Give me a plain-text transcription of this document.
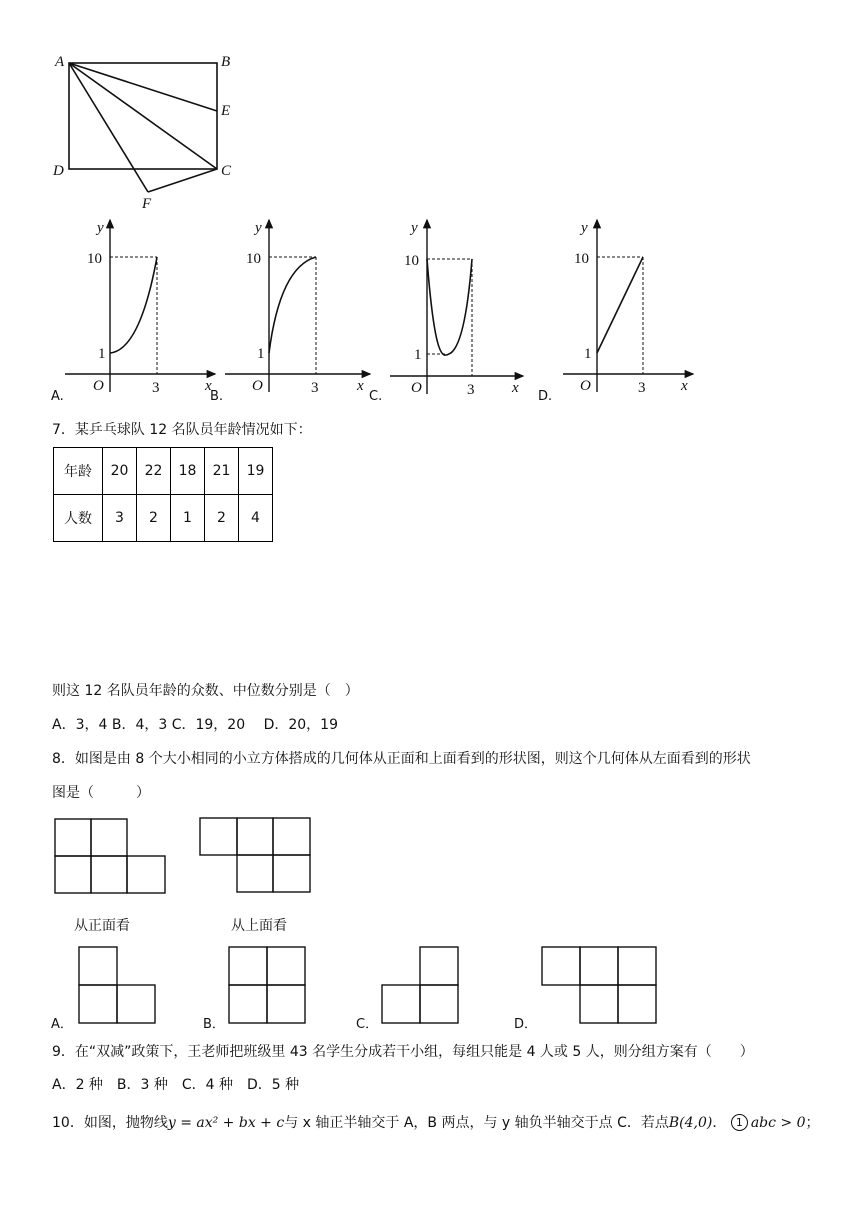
A	B
E
C
D
F
y
x
O
10
1
3
A.
y
x
O
10
1
3
B.
y
x
O
10
1
3
C.
y
x
O
10
1
3
D.
7．某乒乓球队 12 名队员年龄情况如下：
年龄	20	22	18	21	19
人数	3	2	1	2	4
则这 12 名队员年龄的众数、中位数分别是（　）
A．3，4 B．4，3 C．19，20　 D．20，19
8．如图是由 8 个大小相同的小立方体搭成的几何体从正面和上面看到的形状图，则这个几何体从左面看到的形状
图是（　　　）
从正面看	从上面看
A．	B．	C．	D．
9．在“双减”政策下，王老师把班级里 43 名学生分成若干小组，每组只能是 4 人或 5 人，则分组方案有（　　）
A．2 种　B．3 种　C．4 种　D．5 种
10．如图，抛物线y = ax² + bx + c与 x 轴正半轴交于 A，B 两点，与 y 轴负半轴交于点 C．若点B(4,0)． 1 abc > 0；
